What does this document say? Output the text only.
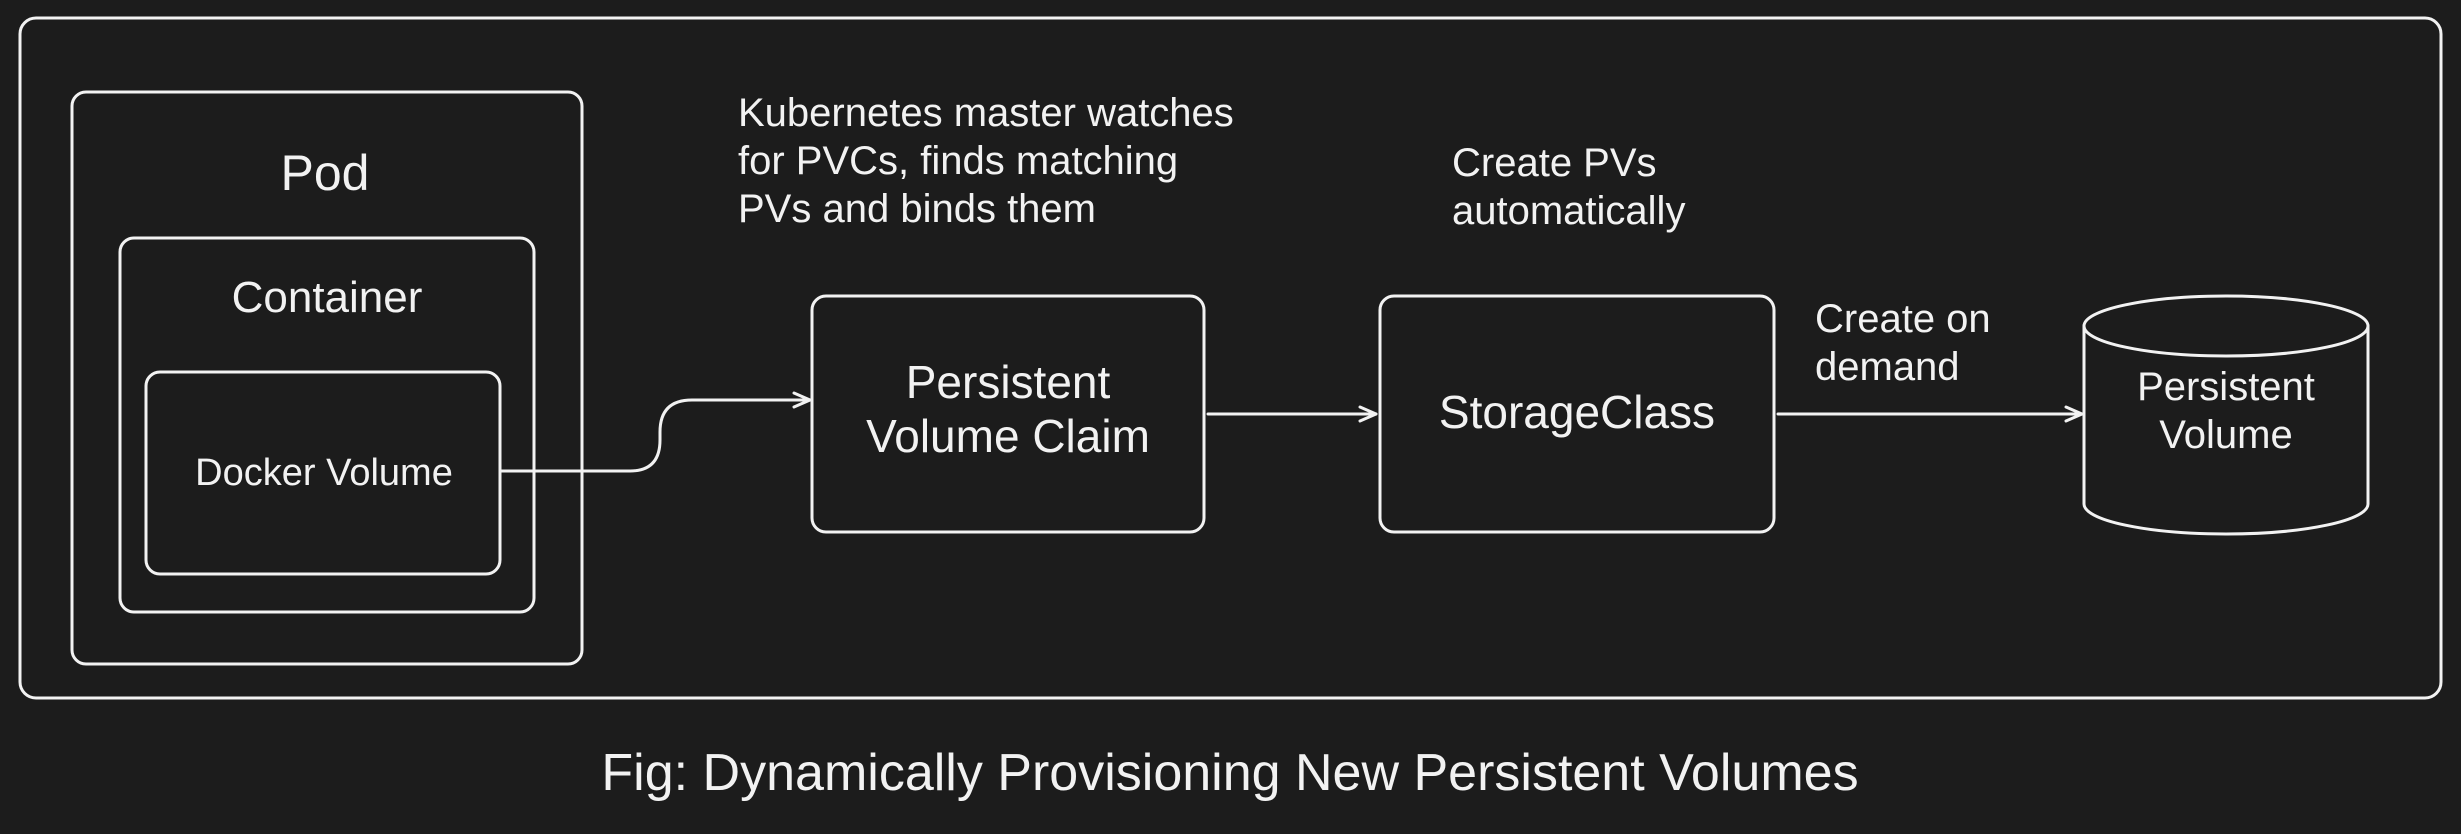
Pod
Container
Docker Volume
Persistent
Volume Claim
Kubernetes master watches
for PVCs, finds matching
PVs and binds them
StorageClass
Create PVs
automatically
Create on
demand	Persistent
Volume
Fig: Dynamically Provisioning New Persistent Volumes
